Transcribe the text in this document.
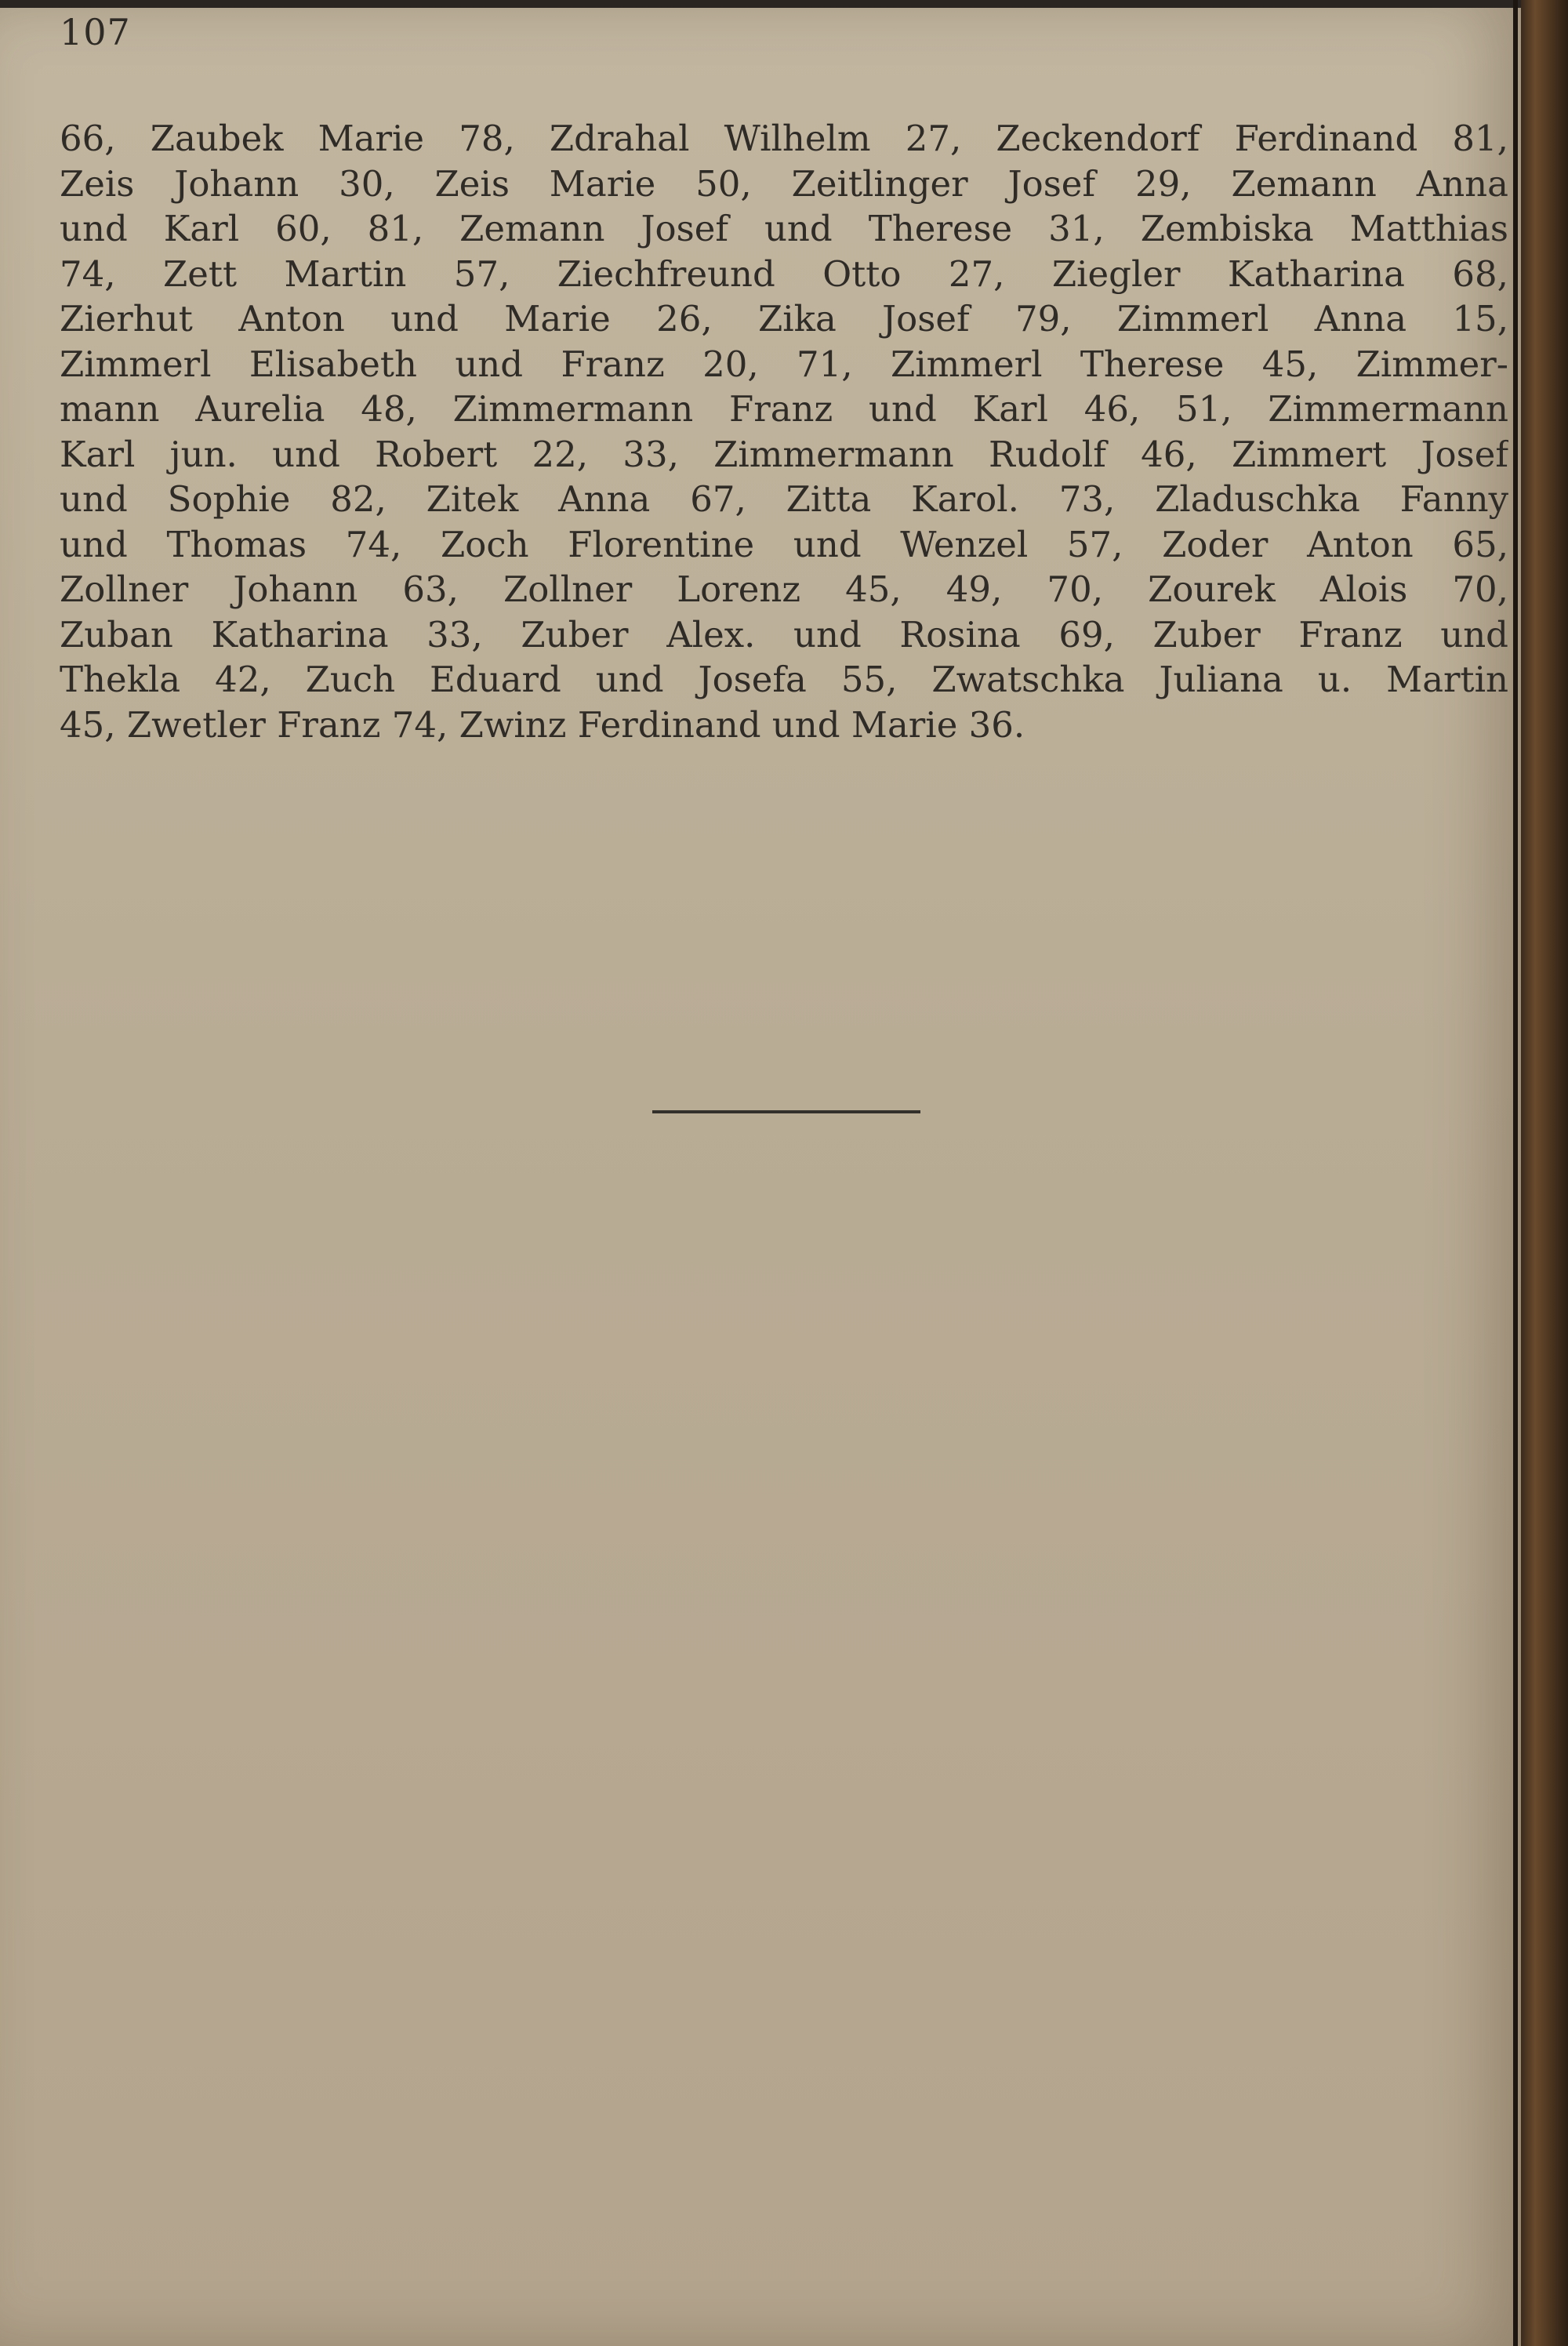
107
66, Zaubek Marie 78, Zdrahal Wilhelm 27, Zeckendorf Ferdinand 81,
Zeis Johann 30, Zeis Marie 50, Zeitlinger Josef 29, Zemann Anna
und Karl 60, 81, Zemann Josef und Therese 31, Zembiska Matthias
74, Zett Martin 57, Ziechfreund Otto 27, Ziegler Katharina 68,
Zierhut Anton und Marie 26, Zika Josef 79, Zimmerl Anna 15,
Zimmerl Elisabeth und Franz 20, 71, Zimmerl Therese 45, Zimmer-
mann Aurelia 48, Zimmermann Franz und Karl 46, 51, Zimmermann
Karl jun. und Robert 22, 33, Zimmermann Rudolf 46, Zimmert Josef
und Sophie 82, Zitek Anna 67, Zitta Karol. 73, Zladuschka Fanny
und Thomas 74, Zoch Florentine und Wenzel 57, Zoder Anton 65,
Zollner Johann 63, Zollner Lorenz 45, 49, 70, Zourek Alois 70,
Zuban Katharina 33, Zuber Alex. und Rosina 69, Zuber Franz und
Thekla 42, Zuch Eduard und Josefa 55, Zwatschka Juliana u. Martin
45, Zwetler Franz 74, Zwinz Ferdinand und Marie 36.
